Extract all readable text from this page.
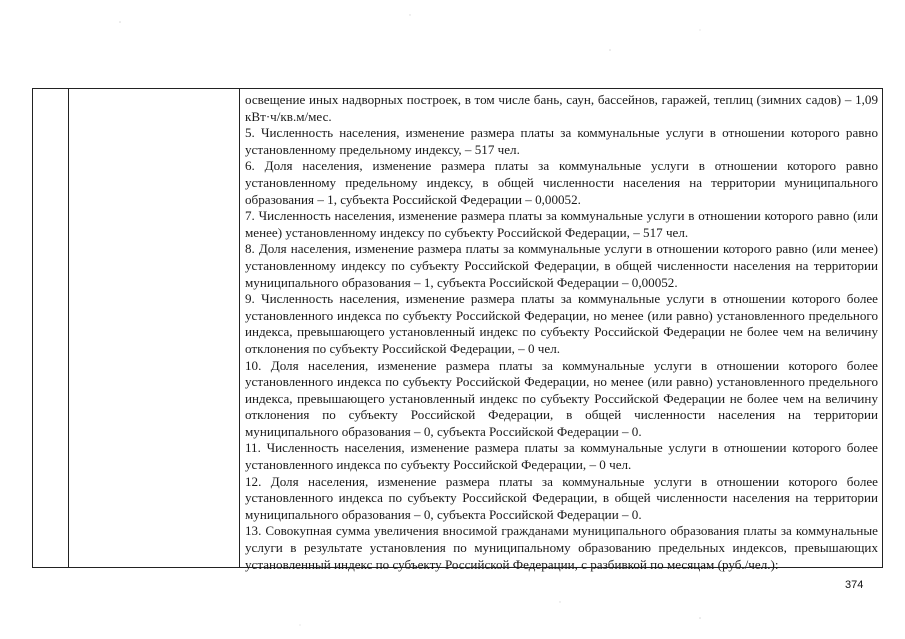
освещение иных надворных построек, в том числе бань, саун, бассейнов, гаражей, теплиц (зимних садов) – 1,09 кВт·ч/кв.м/мес.

5. Численность населения, изменение размера платы за коммунальные услуги в отношении которого равно установленному предельному индексу, – 517 чел.

6. Доля населения, изменение размера платы за коммунальные услуги в отношении которого равно установленному предельному индексу, в общей численности населения на территории муниципального образования – 1, субъекта Российской Федерации – 0,00052.

7. Численность населения, изменение размера платы за коммунальные услуги в отношении которого равно (или менее) установленному индексу по субъекту Российской Федерации, – 517 чел.

8. Доля населения, изменение размера платы за коммунальные услуги в отношении которого равно (или менее) установленному индексу по субъекту Российской Федерации, в общей численности населения на территории муниципального образования – 1, субъекта Российской Федерации – 0,00052.

9. Численность населения, изменение размера платы за коммунальные услуги в отношении которого более установленного индекса по субъекту Российской Федерации, но менее (или равно) установленного предельного индекса, превышающего установленный индекс по субъекту Российской Федерации не более чем на величину отклонения по субъекту Российской Федерации, – 0 чел.

10. Доля населения, изменение размера платы за коммунальные услуги в отношении которого более установленного индекса по субъекту Российской Федерации, но менее (или равно) установленного предельного индекса, превышающего установленный индекс по субъекту Российской Федерации не более чем на величину отклонения по субъекту Российской Федерации, в общей численности населения на территории муниципального образования – 0, субъекта Российской Федерации – 0.

11. Численность населения, изменение размера платы за коммунальные услуги в отношении которого более установленного индекса по субъекту Российской Федерации, – 0 чел.

12. Доля населения, изменение размера платы за коммунальные услуги в отношении которого более установленного индекса по субъекту Российской Федерации, в общей численности населения на территории муниципального образования – 0, субъекта Российской Федерации – 0.

13. Совокупная сумма увеличения вносимой гражданами муниципального образования платы за коммунальные услуги в результате установления по муниципальному образованию предельных индексов, превышающих установленный индекс по субъекту Российской Федерации, с разбивкой по месяцам (руб./чел.):

374
